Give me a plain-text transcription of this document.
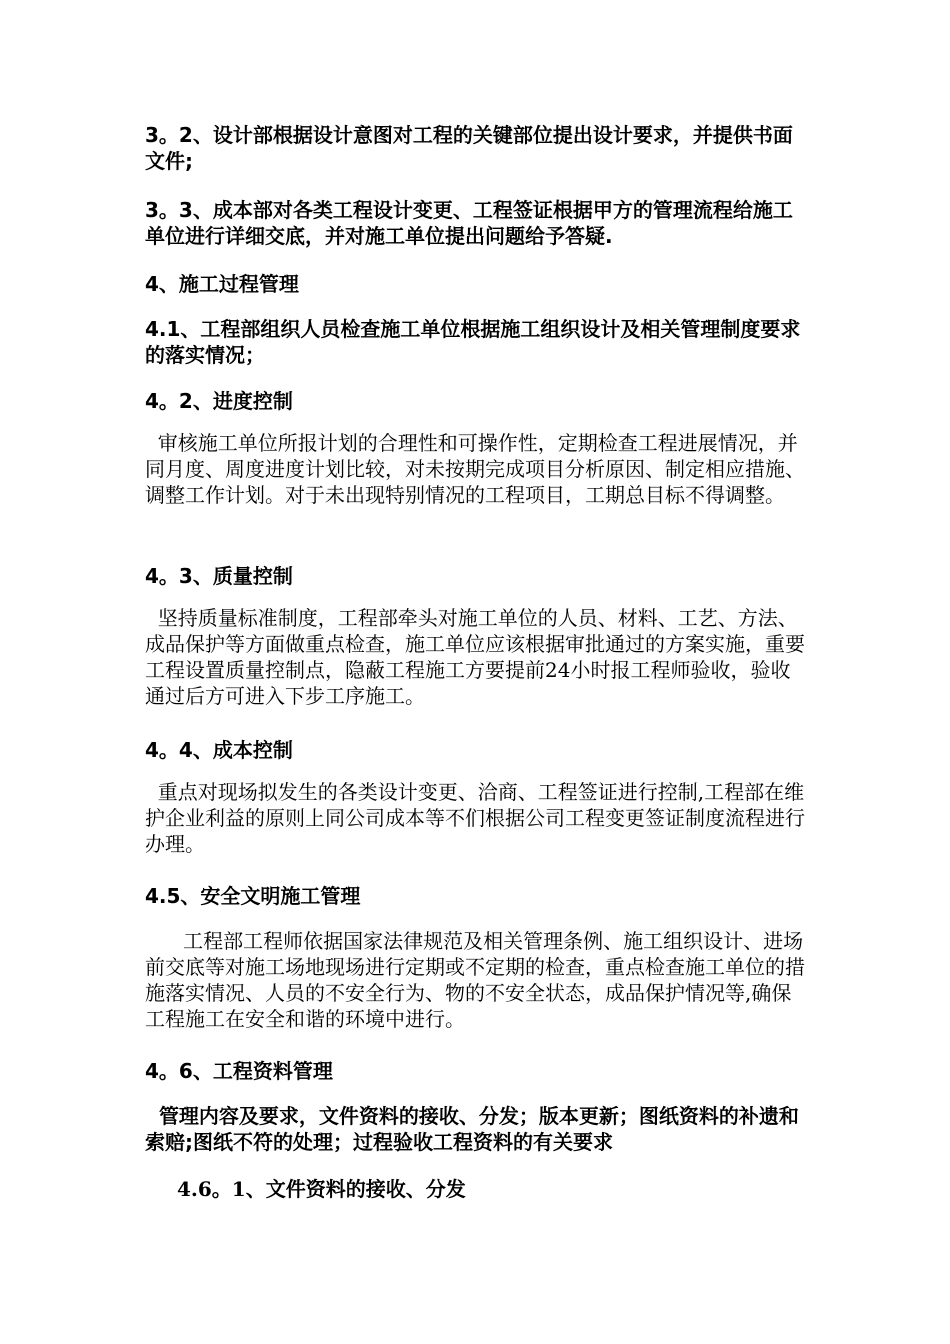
3。2、设计部根据设计意图对工程的关键部位提出设计要求，并提供书面文件;

3。3、成本部对各类工程设计变更、工程签证根据甲方的管理流程给施工单位进行详细交底，并对施工单位提出问题给予答疑.

4、施工过程管理

4.1、工程部组织人员检查施工单位根据施工组织设计及相关管理制度要求的落实情况；

4。2、进度控制

审核施工单位所报计划的合理性和可操作性，定期检查工程进展情况，并同月度、周度进度计划比较，对未按期完成项目分析原因、制定相应措施、调整工作计划。对于未出现特别情况的工程项目，工期总目标不得调整。

4。3、质量控制

坚持质量标准制度，工程部牵头对施工单位的人员、材料、工艺、方法、成品保护等方面做重点检查，施工单位应该根据审批通过的方案实施，重要工程设置质量控制点，隐蔽工程施工方要提前24小时报工程师验收，验收通过后方可进入下步工序施工。

4。4、成本控制

重点对现场拟发生的各类设计变更、洽商、工程签证进行控制,工程部在维护企业利益的原则上同公司成本等不们根据公司工程变更签证制度流程进行办理。

4.5、安全文明施工管理

工程部工程师依据国家法律规范及相关管理条例、施工组织设计、进场前交底等对施工场地现场进行定期或不定期的检查，重点检查施工单位的措施落实情况、人员的不安全行为、物的不安全状态，成品保护情况等,确保工程施工在安全和谐的环境中进行。

4。6、工程资料管理

管理内容及要求，文件资料的接收、分发；版本更新；图纸资料的补遗和索赔;图纸不符的处理；过程验收工程资料的有关要求

4.6。1、文件资料的接收、分发
